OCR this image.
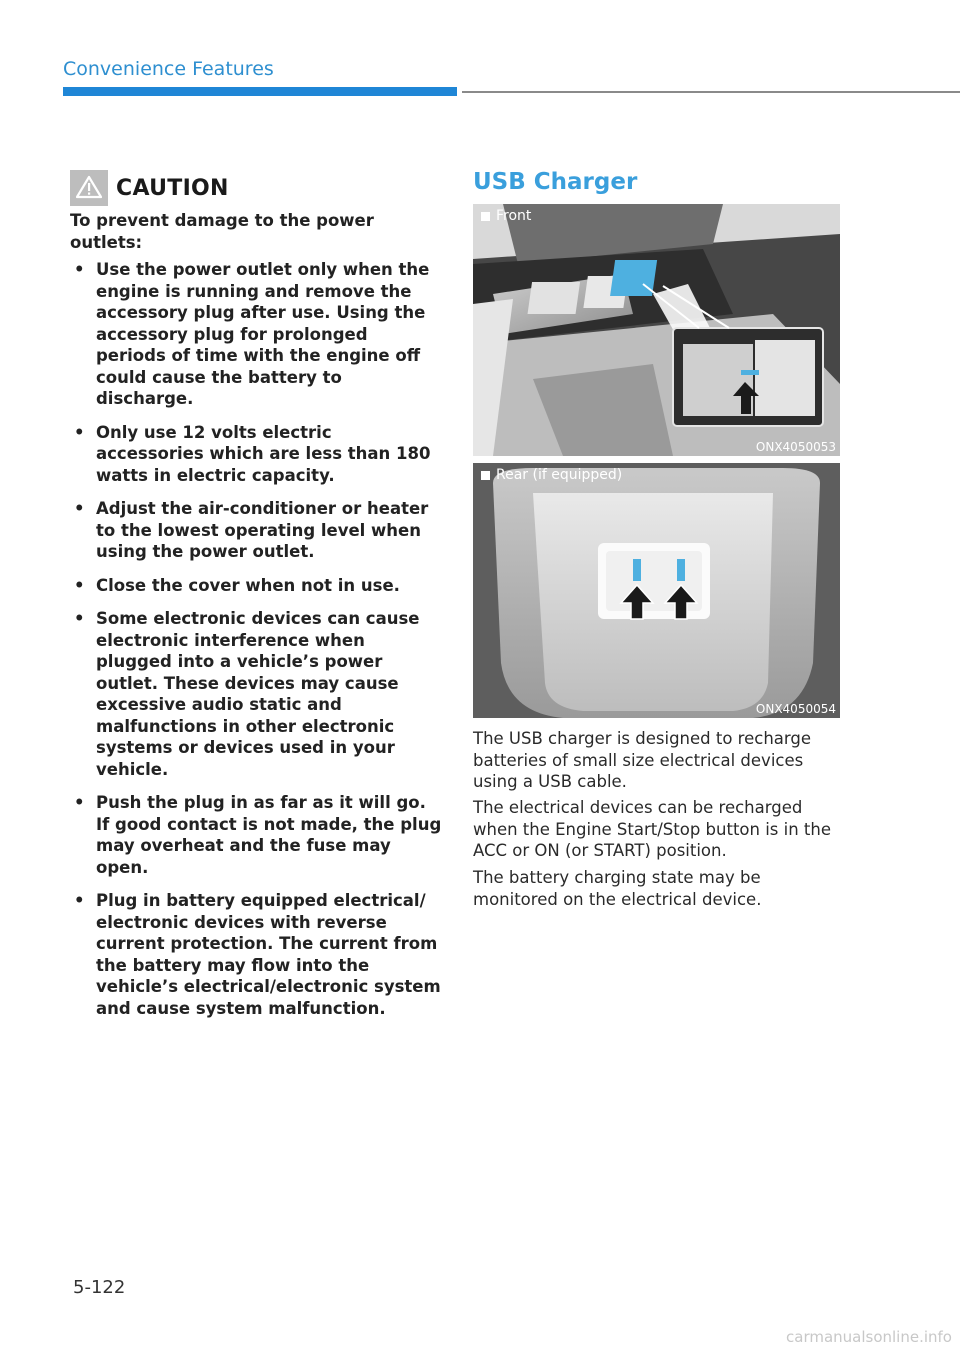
Convenience Features
CAUTION
To prevent damage to the power outlets:
• Use the power outlet only when the engine is running and remove the accessory plug after use. Using the accessory plug for prolonged periods of time with the engine off could cause the battery to discharge.
• Only use 12 volts electric accessories which are less than 180 watts in electric capacity.
• Adjust the air-conditioner or heater to the lowest operating level when using the power outlet.
• Close the cover when not in use.
• Some electronic devices can cause electronic interference when plugged into a vehicle’s power outlet. These devices may cause excessive audio static and malfunctions in other electronic systems or devices used in your vehicle.
• Push the plug in as far as it will go. If good contact is not made, the plug may overheat and the fuse may open.
• Plug in battery equipped electrical/ electronic devices with reverse current protection. The current from the battery may flow into the vehicle’s electrical/electronic system and cause system malfunction.
USB Charger
Front
ONX4050053
Rear (if equipped)
ONX4050054
The USB charger is designed to recharge batteries of small size electrical devices using a USB cable.
The electrical devices can be recharged when the Engine Start/Stop button is in the ACC or ON (or START) position.
The battery charging state may be monitored on the electrical device.
5-122
carmanualsonline.info
